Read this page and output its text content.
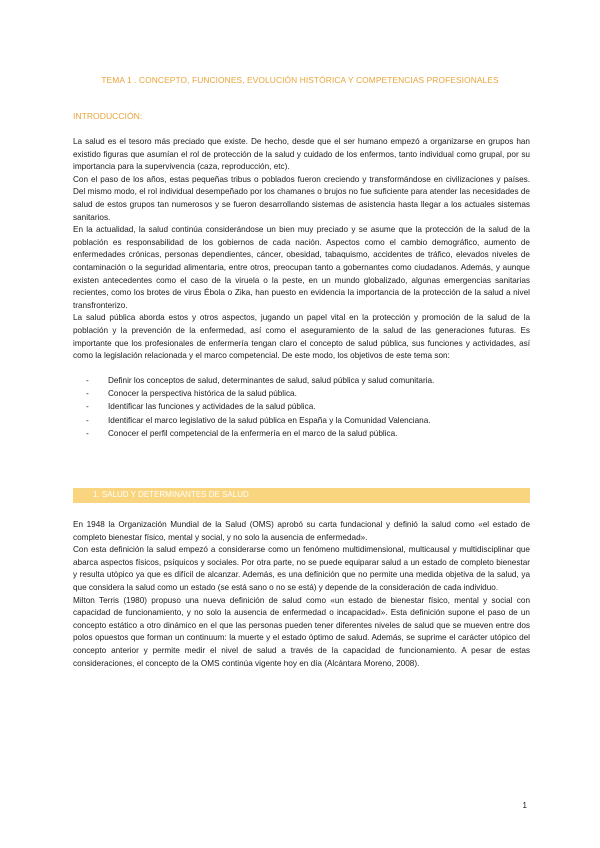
TEMA 1 . CONCEPTO, FUNCIONES, EVOLUCIÓN HISTÓRICA Y COMPETENCIAS PROFESIONALES
INTRODUCCIÓN:

La salud es el tesoro más preciado que existe. De hecho, desde que el ser humano empezó a organizarse en grupos han existido figuras que asumían el rol de protección de la salud y cuidado de los enfermos, tanto individual como grupal, por su importancia para la supervivencia (caza, reproducción, etc).

Con el paso de los años, estas pequeñas tribus o poblados fueron creciendo y transformándose en civilizaciones y países. Del mismo modo, el rol individual desempeñado por los chamanes o brujos no fue suficiente para atender las necesidades de salud de estos grupos tan numerosos y se fueron desarrollando sistemas de asistencia hasta llegar a los actuales sistemas sanitarios.

En la actualidad, la salud continúa considerándose un bien muy preciado y se asume que la protección de la salud de la población es responsabilidad de los gobiernos de cada nación. Aspectos como el cambio demográfico, aumento de enfermedades crónicas, personas dependientes, cáncer, obesidad, tabaquismo, accidentes de tráfico, elevados niveles de contaminación o la seguridad alimentaria, entre otros, preocupan tanto a gobernantes como ciudadanos. Además, y aunque existen antecedentes como el caso de la viruela o la peste, en un mundo globalizado, algunas emergencias sanitarias recientes, como los brotes de virus Ébola o Zika, han puesto en evidencia la importancia de la protección de la salud a nivel transfronterizo.

La salud pública aborda estos y otros aspectos, jugando un papel vital en la protección y promoción de la salud de la población y la prevención de la enfermedad, así como el aseguramiento de la salud de las generaciones futuras. Es importante que los profesionales de enfermería tengan claro el concepto de salud pública, sus funciones y actividades, así como la legislación relacionada y el marco competencial. De este modo, los objetivos de este tema son:

- Definir los conceptos de salud, determinantes de salud, salud pública y salud comunitaria.
- Conocer la perspectiva histórica de la salud pública.
- Identificar las funciones y actividades de la salud pública.
- Identificar el marco legislativo de la salud pública en España y la Comunidad Valenciana.
- Conocer el perfil competencial de la enfermería en el marco de la salud pública.
1. SALUD Y DETERMINANTES DE SALUD

En 1948 la Organización Mundial de la Salud (OMS) aprobó su carta fundacional y definió la salud como «el estado de completo bienestar físico, mental y social, y no solo la ausencia de enfermedad».

Con esta definición la salud empezó a considerarse como un fenómeno multidimensional, multicausal y multidisciplinar que abarca aspectos físicos, psíquicos y sociales. Por otra parte, no se puede equiparar salud a un estado de completo bienestar y resulta utópico ya que es difícil de alcanzar. Además, es una definición que no permite una medida objetiva de la salud, ya que considera la salud como un estado (se está sano o no se está) y depende de la consideración de cada individuo.

Milton Terris (1980) propuso una nueva definición de salud como «un estado de bienestar físico, mental y social con capacidad de funcionamiento, y no solo la ausencia de enfermedad o incapacidad». Esta definición supone el paso de un concepto estático a otro dinámico en el que las personas pueden tener diferentes niveles de salud que se mueven entre dos polos opuestos que forman un continuum: la muerte y el estado óptimo de salud. Además, se suprime el carácter utópico del concepto anterior y permite medir el nivel de salud a través de la capacidad de funcionamiento. A pesar de estas consideraciones, el concepto de la OMS continúa vigente hoy en día (Alcántara Moreno, 2008).

1
